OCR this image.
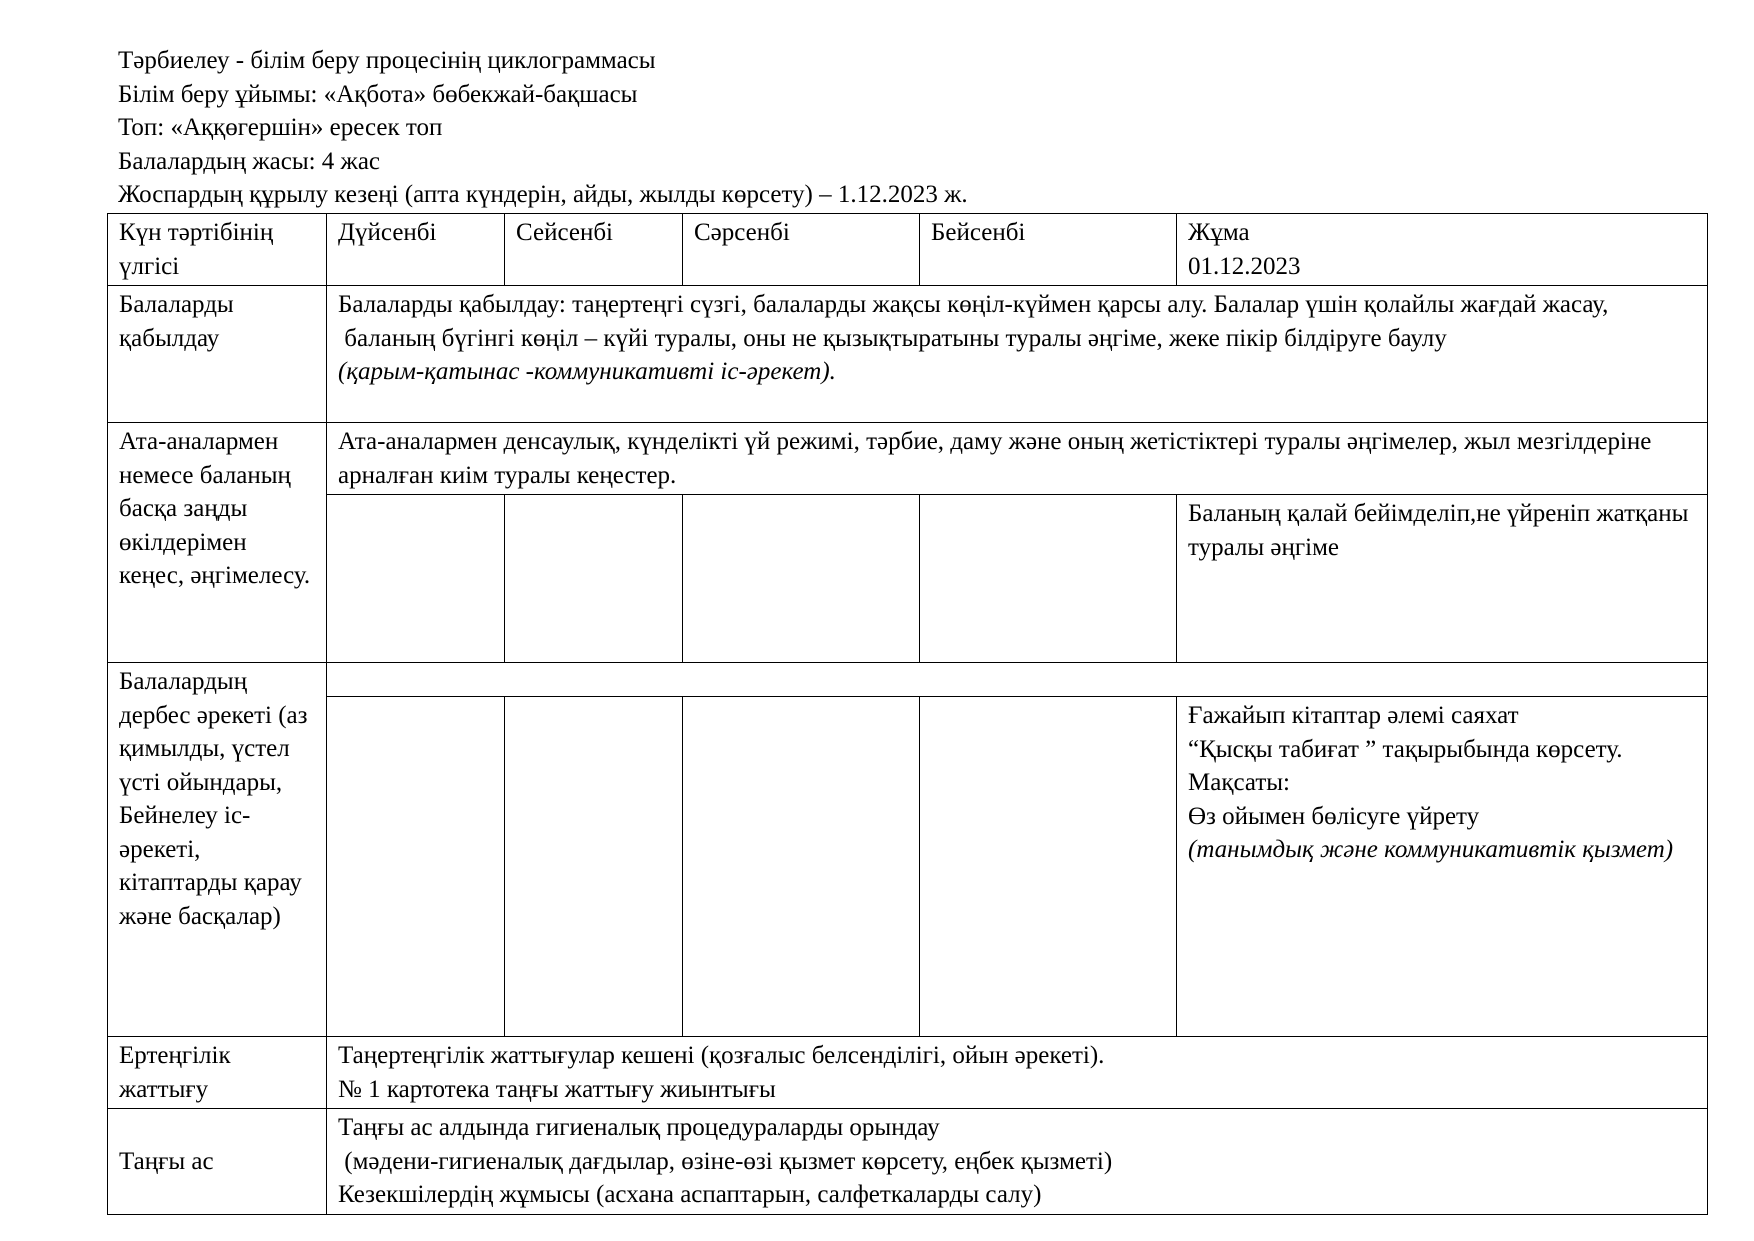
Тәрбиелеу - білім беру процесінің циклограммасы
Білім беру ұйымы: «Ақбота» бөбекжай-бақшасы
Топ: «Аққөгершін» ересек топ
Балалардың жасы: 4 жас
Жоспардың құрылу кезеңі (апта күндерін, айды, жылды көрсету) – 1.12.2023 ж.
Күн тәртібінің үлгісі	Дүйсенбі	Сейсенбі	Сәрсенбі	Бейсенбі	Жұма
01.12.2023

Балаларды қабылдау	Балаларды қабылдау: таңертеңгі сүзгі, балаларды жақсы көңіл-күймен қарсы алу. Балалар үшін қолайлы жағдай жасау,
баланың бүгінгі көңіл – күйі туралы, оны не қызықтыратыны туралы әңгіме, жеке пікір білдіруге баулу
(қарым-қатынас -коммуникативті іс-әрекет).				

Ата-аналармен немесе баланың басқа заңды өкілдерімен кеңес, әңгімелесу.	Ата-аналармен денсаулық, күнделікті үй режимі, тәрбие, даму және оның жетістіктері туралы әңгімелер, жыл мезгілдеріне арналған киім туралы кеңестер.				
					Баланың қалай бейімделіп,не үйреніп жатқаны туралы әңгіме
Балалардың дербес әрекеті (аз қимылды, үстел үсті ойындары, Бейнелеу іс-әрекеті, кітаптарды қарау және басқалар)					

					Ғажайып кітаптар әлемі саяхат
“Қысқы табиғат ” тақырыбында көрсету.
Мақсаты:
Өз ойымен бөлісуге үйрету
(танымдық және коммуникативтік қызмет)

Ертеңгілік жаттығу	Таңертеңгілік жаттығулар кешені (қозғалыс белсенділігі, ойын әрекеті).
№ 1 картотека таңғы жаттығу жиынтығы				

Таңғы ас	Таңғы ас алдында гигиеналық процедураларды орындау
(мәдени-гигиеналық дағдылар, өзіне-өзі қызмет көрсету, еңбек қызметі)
Кезекшілердің жұмысы (асхана аспаптарын, салфеткаларды салу)				
